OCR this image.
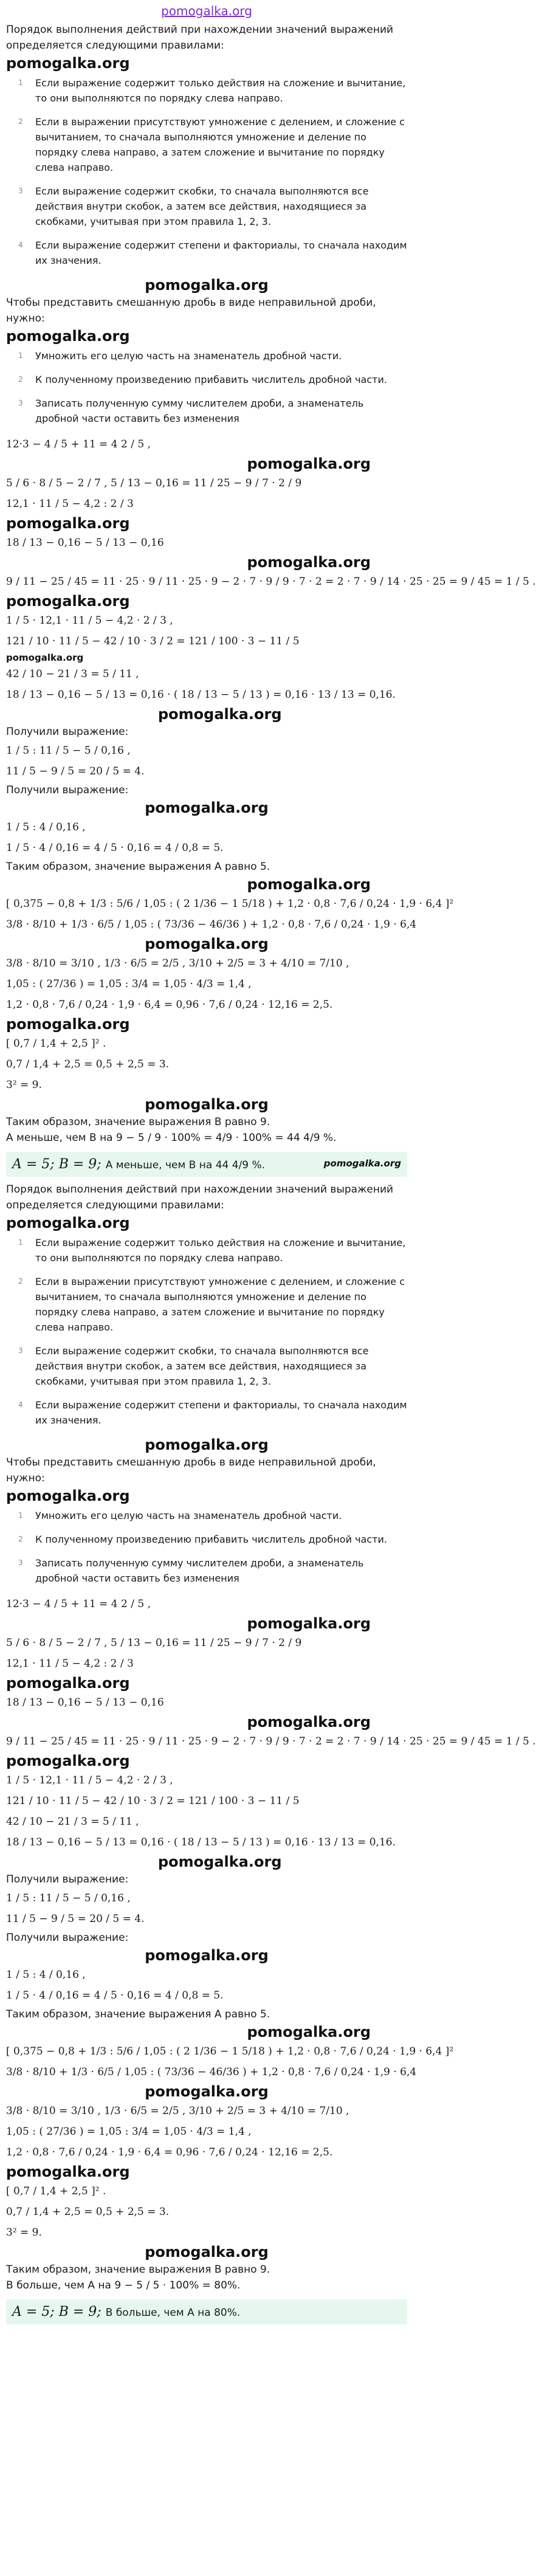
pomogalka.org

Порядок выполнения действий при нахождении значений выражений определяется следующими правилами:

pomogalka.org
1 Если выражение содержит только действия на сложение и вычитание, то они выполняются по порядку слева направо.
2 Если в выражении присутствуют умножение с делением, и сложение с вычитанием, то сначала выполняются умножение и деление по порядку слева направо, а затем сложение и вычитание по порядку слева направо.
3 Если выражение содержит скобки, то сначала выполняются все действия внутри скобок, а затем все действия, находящиеся за скобками, учитывая при этом правила 1, 2, 3.
4 Если выражение содержит степени и факториалы, то сначала находим их значения.
pomogalka.org

Чтобы представить смешанную дробь в виде неправильной дроби, нужно:

pomogalka.org
1 Умножить его целую часть на знаменатель дробной части.
2 К полученному произведению прибавить числитель дробной части.
3 Записать полученную сумму числителем дроби, а знаменатель дробной части оставить без изменения
12·3 − 4 / 5 + 11 = 4 2 / 5 ,
pomogalka.org
5 / 6 · 8 / 5 − 2 / 7 , 5 / 13 − 0,16 = 11 / 25 − 9 / 7 · 2 / 9
12,1 · 11 / 5 − 4,2 : 2 / 3
pomogalka.org
18 / 13 − 0,16 − 5 / 13 − 0,16
pomogalka.org
9 / 11 − 25 / 45 = 11 · 25 · 9 / 11 · 25 · 9 − 2 · 7 · 9 / 9 · 7 · 2 = 2 · 7 · 9 / 14 · 25 · 25 = 9 / 45 = 1 / 5 .
pomogalka.org
1 / 5 · 12,1 · 11 / 5 − 4,2 · 2 / 3 ,
121 / 10 · 11 / 5 − 42 / 10 · 3 / 2 = 121 / 100 · 3 − 11 / 5
pomogalka.org
42 / 10 − 21 / 3 = 5 / 11 ,
18 / 13 − 0,16 − 5 / 13 = 0,16 · ( 18 / 13 − 5 / 13 ) = 0,16 · 13 / 13 = 0,16.
pomogalka.org

Получили выражение:

1 / 5 : 11 / 5 − 5 / 0,16 ,
11 / 5 − 9 / 5 = 20 / 5 = 4.

Получили выражение:

pomogalka.org
1 / 5 : 4 / 0,16 ,
1 / 5 · 4 / 0,16 = 4 / 5 · 0,16 = 4 / 0,8 = 5.

Таким образом, значение выражения A равно 5.

pomogalka.org
[ 0,375 − 0,8 + 1/3 : 5/6 / 1,05 : ( 2 1/36 − 1 5/18 ) + 1,2 · 0,8 · 7,6 / 0,24 · 1,9 · 6,4 ]²
3/8 · 8/10 + 1/3 · 6/5 / 1,05 : ( 73/36 − 46/36 ) + 1,2 · 0,8 · 7,6 / 0,24 · 1,9 · 6,4
pomogalka.org
3/8 · 8/10 = 3/10 , 1/3 · 6/5 = 2/5 , 3/10 + 2/5 = 3 + 4/10 = 7/10 ,
1,05 : ( 27/36 ) = 1,05 : 3/4 = 1,05 · 4/3 = 1,4 ,
1,2 · 0,8 · 7,6 / 0,24 · 1,9 · 6,4 = 0,96 · 7,6 / 0,24 · 12,16 = 2,5.
pomogalka.org
[ 0,7 / 1,4 + 2,5 ]² .
0,7 / 1,4 + 2,5 = 0,5 + 2,5 = 3.
3² = 9.
pomogalka.org

Таким образом, значение выражения B равно 9.

A меньше, чем B на 9 − 5 / 9 · 100% = 4/9 · 100% = 44 4/9 %.

A = 5; B = 9; A меньше, чем B на 44 4/9 %.	pomogalka.org

Порядок выполнения действий при нахождении значений выражений определяется следующими правилами:

pomogalka.org
1 Если выражение содержит только действия на сложение и вычитание, то они выполняются по порядку слева направо.
2 Если в выражении присутствуют умножение с делением, и сложение с вычитанием, то сначала выполняются умножение и деление по порядку слева направо, а затем сложение и вычитание по порядку слева направо.
3 Если выражение содержит скобки, то сначала выполняются все действия внутри скобок, а затем все действия, находящиеся за скобками, учитывая при этом правила 1, 2, 3.
4 Если выражение содержит степени и факториалы, то сначала находим их значения.
pomogalka.org

Чтобы представить смешанную дробь в виде неправильной дроби, нужно:

pomogalka.org
1 Умножить его целую часть на знаменатель дробной части.
2 К полученному произведению прибавить числитель дробной части.
3 Записать полученную сумму числителем дроби, а знаменатель дробной части оставить без изменения
12·3 − 4 / 5 + 11 = 4 2 / 5 ,
pomogalka.org
5 / 6 · 8 / 5 − 2 / 7 , 5 / 13 − 0,16 = 11 / 25 − 9 / 7 · 2 / 9
12,1 · 11 / 5 − 4,2 : 2 / 3
pomogalka.org
18 / 13 − 0,16 − 5 / 13 − 0,16
pomogalka.org
9 / 11 − 25 / 45 = 11 · 25 · 9 / 11 · 25 · 9 − 2 · 7 · 9 / 9 · 7 · 2 = 2 · 7 · 9 / 14 · 25 · 25 = 9 / 45 = 1 / 5 .
pomogalka.org
1 / 5 · 12,1 · 11 / 5 − 4,2 · 2 / 3 ,
121 / 10 · 11 / 5 − 42 / 10 · 3 / 2 = 121 / 100 · 3 − 11 / 5
42 / 10 − 21 / 3 = 5 / 11 ,
18 / 13 − 0,16 − 5 / 13 = 0,16 · ( 18 / 13 − 5 / 13 ) = 0,16 · 13 / 13 = 0,16.
pomogalka.org

Получили выражение:

1 / 5 : 11 / 5 − 5 / 0,16 ,
11 / 5 − 9 / 5 = 20 / 5 = 4.

Получили выражение:

pomogalka.org
1 / 5 : 4 / 0,16 ,
1 / 5 · 4 / 0,16 = 4 / 5 · 0,16 = 4 / 0,8 = 5.

Таким образом, значение выражения A равно 5.

pomogalka.org
[ 0,375 − 0,8 + 1/3 : 5/6 / 1,05 : ( 2 1/36 − 1 5/18 ) + 1,2 · 0,8 · 7,6 / 0,24 · 1,9 · 6,4 ]²
3/8 · 8/10 + 1/3 · 6/5 / 1,05 : ( 73/36 − 46/36 ) + 1,2 · 0,8 · 7,6 / 0,24 · 1,9 · 6,4
pomogalka.org
3/8 · 8/10 = 3/10 , 1/3 · 6/5 = 2/5 , 3/10 + 2/5 = 3 + 4/10 = 7/10 ,
1,05 : ( 27/36 ) = 1,05 : 3/4 = 1,05 · 4/3 = 1,4 ,
1,2 · 0,8 · 7,6 / 0,24 · 1,9 · 6,4 = 0,96 · 7,6 / 0,24 · 12,16 = 2,5.
pomogalka.org
[ 0,7 / 1,4 + 2,5 ]² .
0,7 / 1,4 + 2,5 = 0,5 + 2,5 = 3.
3² = 9.
pomogalka.org

Таким образом, значение выражения B равно 9.

B больше, чем A на 9 − 5 / 5 · 100% = 80%.

A = 5; B = 9; B больше, чем A на 80%.
